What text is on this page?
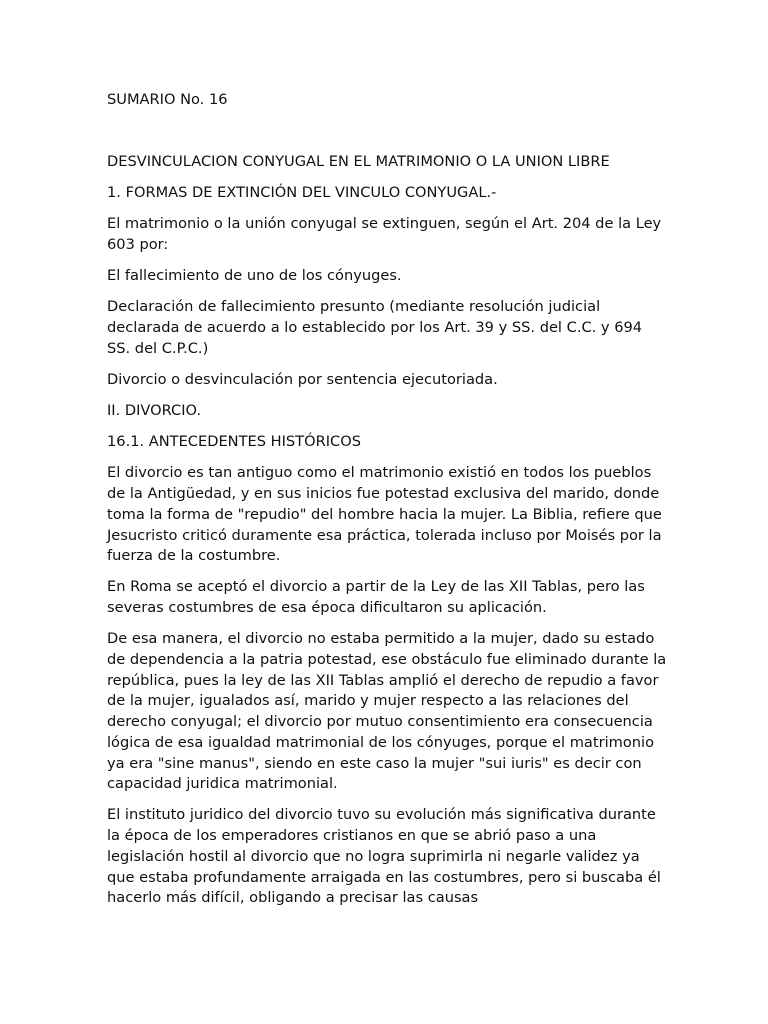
SUMARIO No. 16

DESVINCULACION CONYUGAL EN EL MATRIMONIO O LA UNION LIBRE

1. FORMAS DE EXTINCIÓN DEL VINCULO CONYUGAL.-

El matrimonio o la unión conyugal se extinguen, según el Art. 204 de la Ley 603 por:

El fallecimiento de uno de los cónyuges.

Declaración de fallecimiento presunto (mediante resolución judicial declarada de acuerdo a lo establecido por los Art. 39 y SS. del C.C. y 694 SS. del C.P.C.)

Divorcio o desvinculación por sentencia ejecutoriada.

II. DIVORCIO.

16.1. ANTECEDENTES HISTÓRICOS

El divorcio es tan antiguo como el matrimonio existió en todos los pueblos de la Antigüedad, y en sus inicios fue potestad exclusiva del marido, donde toma la forma de "repudio" del hombre hacia la mujer. La Biblia, refiere que Jesucristo criticó duramente esa práctica, tolerada incluso por Moisés por la fuerza de la costumbre.

En Roma se aceptó el divorcio a partir de la Ley de las XII Tablas, pero las severas costumbres de esa época dificultaron su aplicación.

De esa manera, el divorcio no estaba permitido a la mujer, dado su estado de dependencia a la patria potestad, ese obstáculo fue eliminado durante la república, pues la ley de las XII Tablas amplió el derecho de repudio a favor de la mujer, igualados así, marido y mujer respecto a las relaciones del derecho conyugal; el divorcio por mutuo consentimiento era consecuencia lógica de esa igualdad matrimonial de los cónyuges, porque el matrimonio ya era "sine manus", siendo en este caso la mujer "sui iuris" es decir con capacidad juridica matrimonial.

El instituto juridico del divorcio tuvo su evolución más significativa durante la época de los emperadores cristianos en que se abrió paso a una legislación hostil al divorcio que no logra suprimirla ni negarle validez ya que estaba profundamente arraigada en las costumbres, pero si buscaba él hacerlo más difícil, obligando a precisar las causas
